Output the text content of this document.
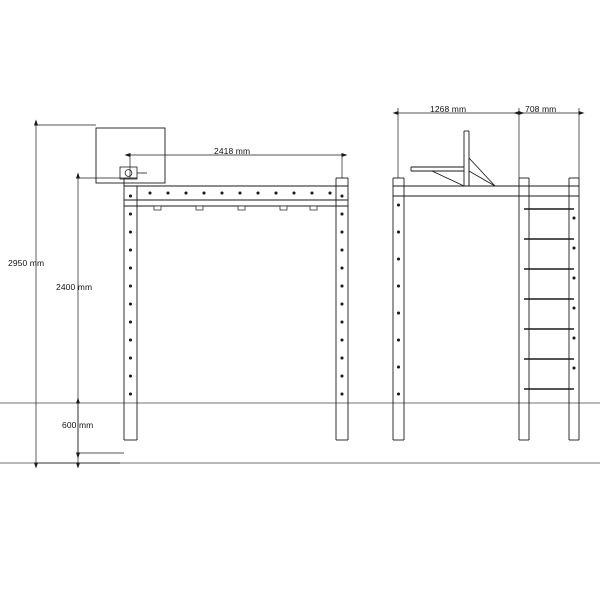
2950 mm
2400 mm
600 mm
2418 mm
1268 mm	708 mm
